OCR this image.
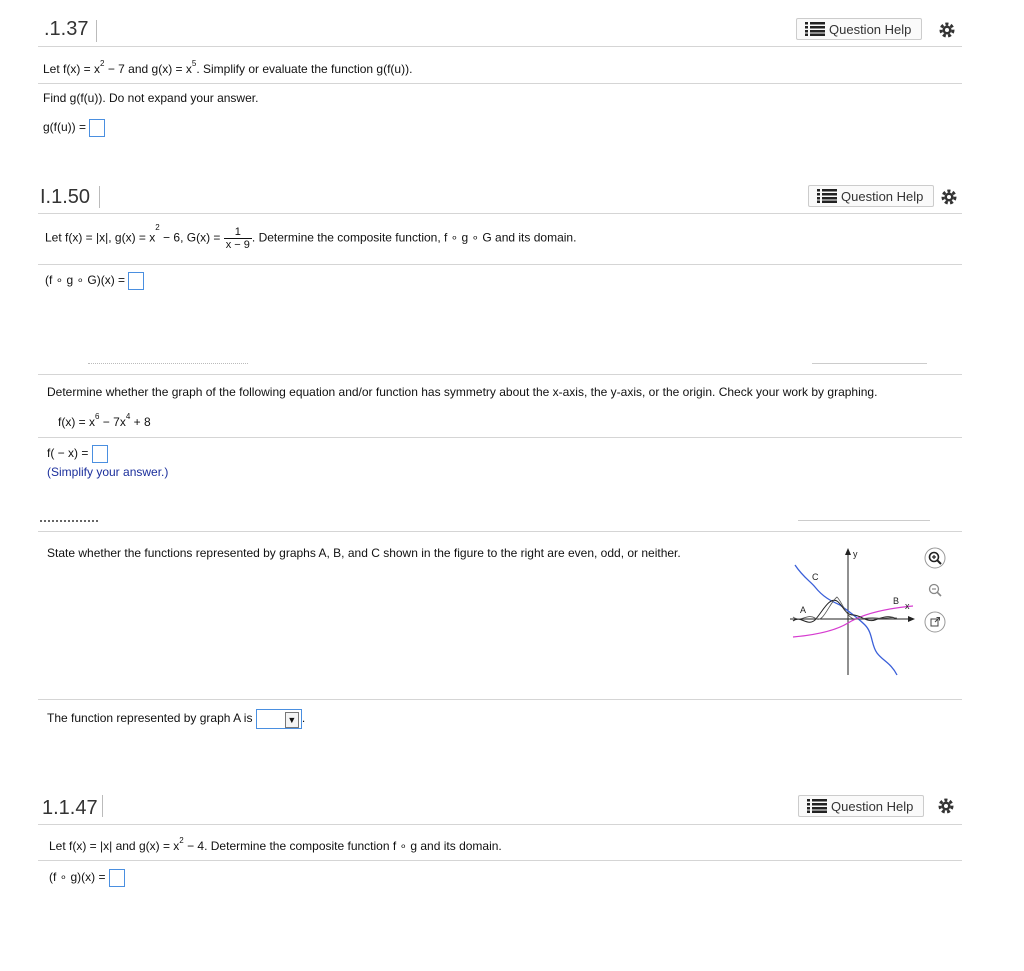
.1.37	Question Help
Let $f(x) = x^2 - 7$ and $g(x) = x^5$. Simplify or evaluate the function g(f(u)).
Find g(f(u)). Do not expand your answer.
g(f(u)) =
I.1.50	Question Help
Let f(x) = |x|, $g(x) = x^2 - 6$, $G(x) = \frac{1}{x - 9}$ . Determine the composite function, f ∘ g ∘ G and its domain.
(f ∘ g ∘ G)(x) =
Determine whether the graph of the following equation and/or function has symmetry about the x-axis, the y-axis, or the origin. Check your work by graphing.
$f(x) = x^6 - 7x^4 + 8$
f( − x) =
(Simplify your answer.)
State whether the functions represented by graphs A, B, and C shown in the figure to the right are even, odd, or neither.	y
x
C
A
B
The function represented by graph A is	▼ .
1.1.47	Question Help
Let f(x) = |x| and $g(x) = x^2 - 4$. Determine the composite function f ∘ g and its domain.
(f ∘ g)(x) =
